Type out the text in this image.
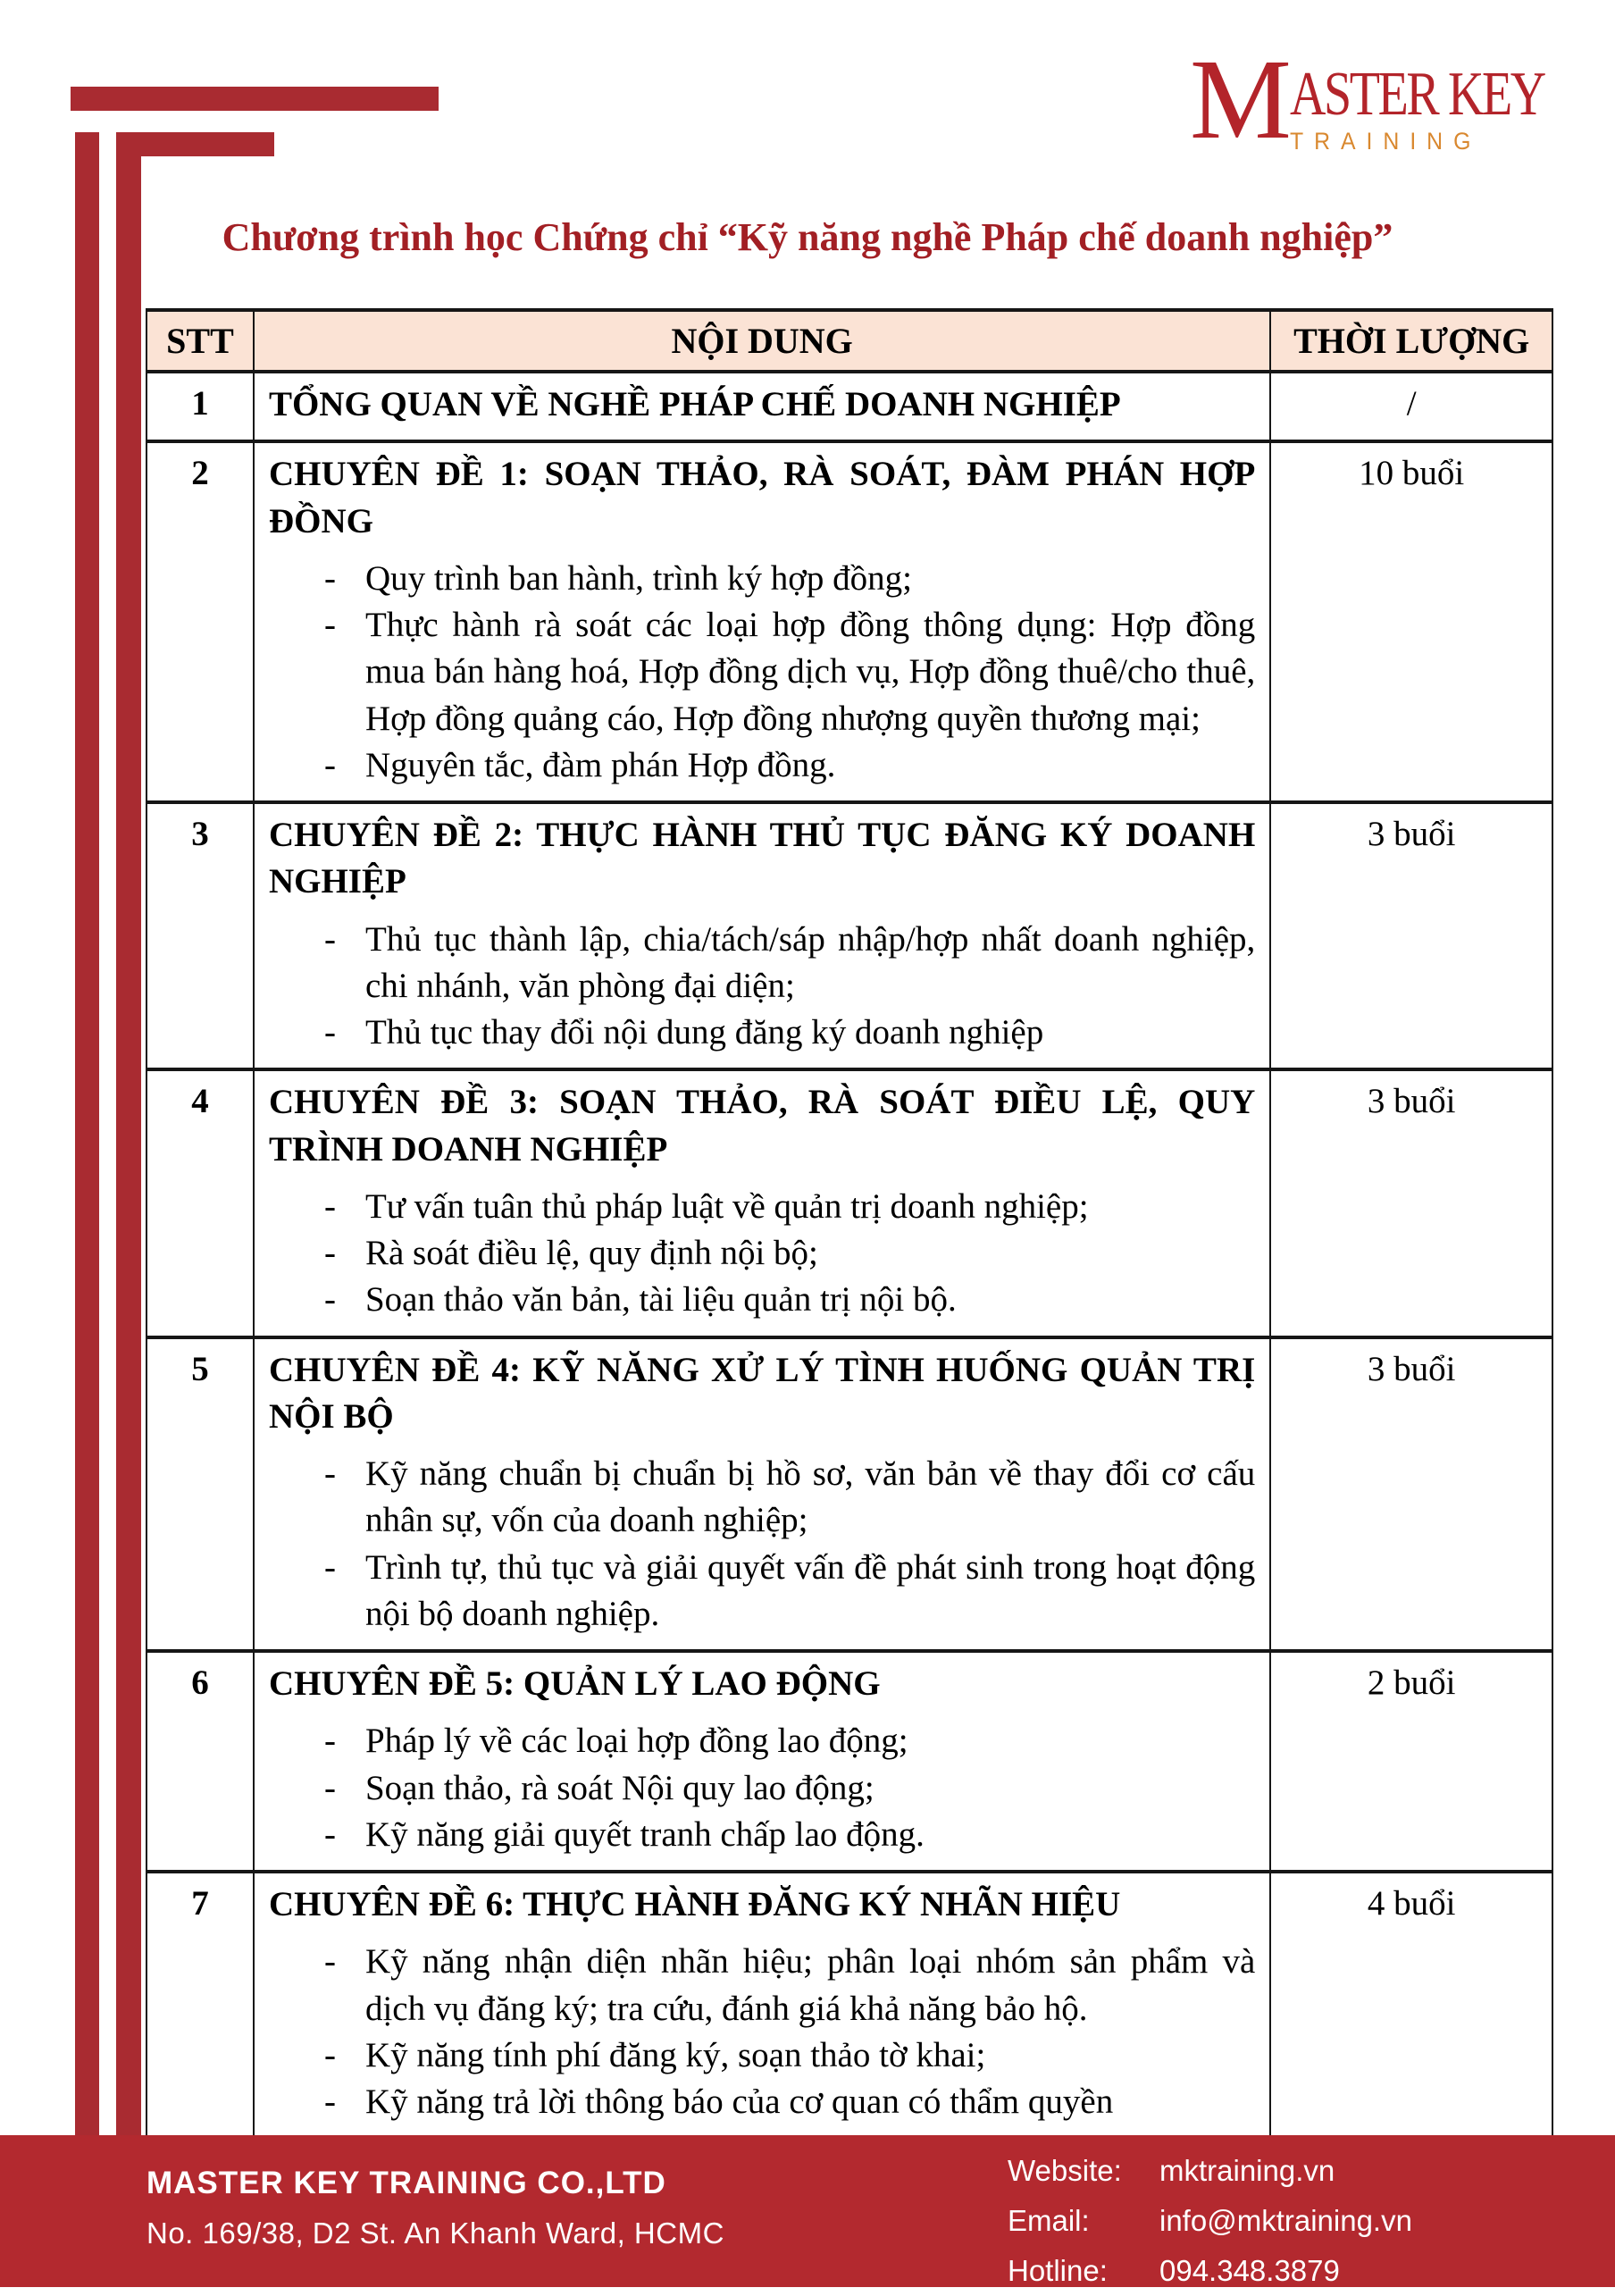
M ASTER KEY
TRAINING
Chương trình học Chứng chỉ “Kỹ năng nghề Pháp chế doanh nghiệp”
STT	NỘI DUNG	THỜI LƯỢNG
1	TỔNG QUAN VỀ NGHỀ PHÁP CHẾ DOANH NGHIỆP	/
2	CHUYÊN ĐỀ 1: SOẠN THẢO, RÀ SOÁT, ĐÀM PHÁN HỢP ĐỒNG
- Quy trình ban hành, trình ký hợp đồng;
- Thực hành rà soát các loại hợp đồng thông dụng: Hợp đồng mua bán hàng hoá, Hợp đồng dịch vụ, Hợp đồng thuê/cho thuê, Hợp đồng quảng cáo, Hợp đồng nhượng quyền thương mại;
- Nguyên tắc, đàm phán Hợp đồng.
	10 buổi
3	CHUYÊN ĐỀ 2: THỰC HÀNH THỦ TỤC ĐĂNG KÝ DOANH NGHIỆP
- Thủ tục thành lập, chia/tách/sáp nhập/hợp nhất doanh nghiệp, chi nhánh, văn phòng đại diện;
- Thủ tục thay đổi nội dung đăng ký doanh nghiệp	3 buổi
4	CHUYÊN ĐỀ 3: SOẠN THẢO, RÀ SOÁT ĐIỀU LỆ, QUY TRÌNH DOANH NGHIỆP
- Tư vấn tuân thủ pháp luật về quản trị doanh nghiệp;
- Rà soát điều lệ, quy định nội bộ;
- Soạn thảo văn bản, tài liệu quản trị nội bộ.
	3 buổi
5	CHUYÊN ĐỀ 4: KỸ NĂNG XỬ LÝ TÌNH HUỐNG QUẢN TRỊ NỘI BỘ
- Kỹ năng chuẩn bị chuẩn bị hồ sơ, văn bản về thay đổi cơ cấu nhân sự, vốn của doanh nghiệp;
- Trình tự, thủ tục và giải quyết vấn đề phát sinh trong hoạt động nội bộ doanh nghiệp.	3 buổi
6	CHUYÊN ĐỀ 5: QUẢN LÝ LAO ĐỘNG
- Pháp lý về các loại hợp đồng lao động;
- Soạn thảo, rà soát Nội quy lao động;
- Kỹ năng giải quyết tranh chấp lao động.
	2 buổi
7	CHUYÊN ĐỀ 6: THỰC HÀNH ĐĂNG KÝ NHÃN HIỆU
- Kỹ năng nhận diện nhãn hiệu; phân loại nhóm sản phẩm và dịch vụ đăng ký; tra cứu, đánh giá khả năng bảo hộ.
- Kỹ năng tính phí đăng ký, soạn thảo tờ khai;
- Kỹ năng trả lời thông báo của cơ quan có thẩm quyền
	4 buổi

MASTER KEY TRAINING CO.,LTD
No. 169/38, D2 St. An Khanh Ward, HCMC
Website:	mktraining.vn
Email:	info@mktraining.vn
Hotline:	094.348.3879
